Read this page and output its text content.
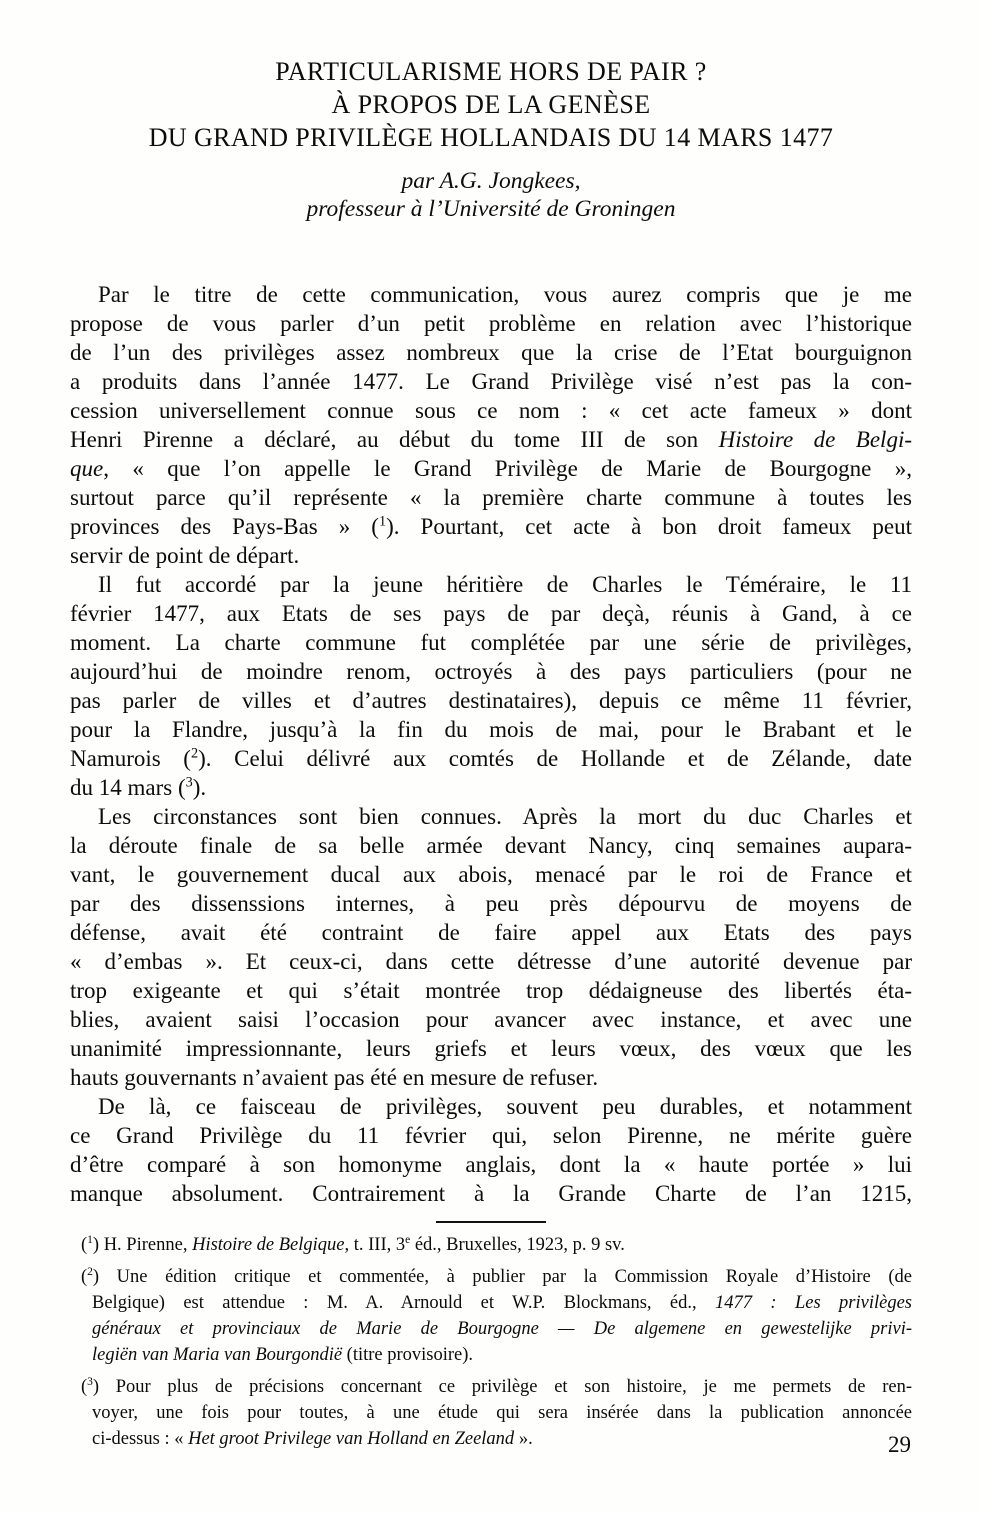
PARTICULARISME HORS DE PAIR ?
À PROPOS DE LA GENÈSE
DU GRAND PRIVILÈGE HOLLANDAIS DU 14 MARS 1477
par A.G. Jongkees,
professeur à l’Université de Groningen
Par le titre de cette communication, vous aurez compris que je me
propose de vous parler d’un petit problème en relation avec l’historique
de l’un des privilèges assez nombreux que la crise de l’Etat bourguignon
a produits dans l’année 1477. Le Grand Privilège visé n’est pas la con-
cession universellement connue sous ce nom : « cet acte fameux » dont
Henri Pirenne a déclaré, au début du tome III de son Histoire de Belgi-
que, « que l’on appelle le Grand Privilège de Marie de Bourgogne »,
surtout parce qu’il représente « la première charte commune à toutes les
provinces des Pays-Bas » ($^1$). Pourtant, cet acte à bon droit fameux peut
servir de point de départ.
Il fut accordé par la jeune héritière de Charles le Téméraire, le 11
février 1477, aux Etats de ses pays de par deçà, réunis à Gand, à ce
moment. La charte commune fut complétée par une série de privilèges,
aujourd’hui de moindre renom, octroyés à des pays particuliers (pour ne
pas parler de villes et d’autres destinataires), depuis ce même 11 février,
pour la Flandre, jusqu’à la fin du mois de mai, pour le Brabant et le
Namurois ($^2$). Celui délivré aux comtés de Hollande et de Zélande, date
du 14 mars ($^3$).
Les circonstances sont bien connues. Après la mort du duc Charles et
la déroute finale de sa belle armée devant Nancy, cinq semaines aupara-
vant, le gouvernement ducal aux abois, menacé par le roi de France et
par des dissenssions internes, à peu près dépourvu de moyens de
défense, avait été contraint de faire appel aux Etats des pays
« d’embas ». Et ceux-ci, dans cette détresse d’une autorité devenue par
trop exigeante et qui s’était montrée trop dédaigneuse des libertés éta-
blies, avaient saisi l’occasion pour avancer avec instance, et avec une
unanimité impressionnante, leurs griefs et leurs vœux, des vœux que les
hauts gouvernants n’avaient pas été en mesure de refuser.
De là, ce faisceau de privilèges, souvent peu durables, et notamment
ce Grand Privilège du 11 février qui, selon Pirenne, ne mérite guère
d’être comparé à son homonyme anglais, dont la « haute portée » lui
manque absolument. Contrairement à la Grande Charte de l’an 1215,
($^1$) H. Pirenne, Histoire de Belgique, t. III, 3e éd., Bruxelles, 1923, p. 9 sv.
($^2$) Une édition critique et commentée, à publier par la Commission Royale d’Histoire (de
Belgique) est attendue : M. A. Arnould et W.P. Blockmans, éd., 1477 : Les privilèges
généraux et provinciaux de Marie de Bourgogne — De algemene en gewestelijke privi-
legiën van Maria van Bourgondië (titre provisoire).
($^3$) Pour plus de précisions concernant ce privilège et son histoire, je me permets de ren-
voyer, une fois pour toutes, à une étude qui sera insérée dans la publication annoncée
ci-dessus : « Het groot Privilege van Holland en Zeeland ».	29
